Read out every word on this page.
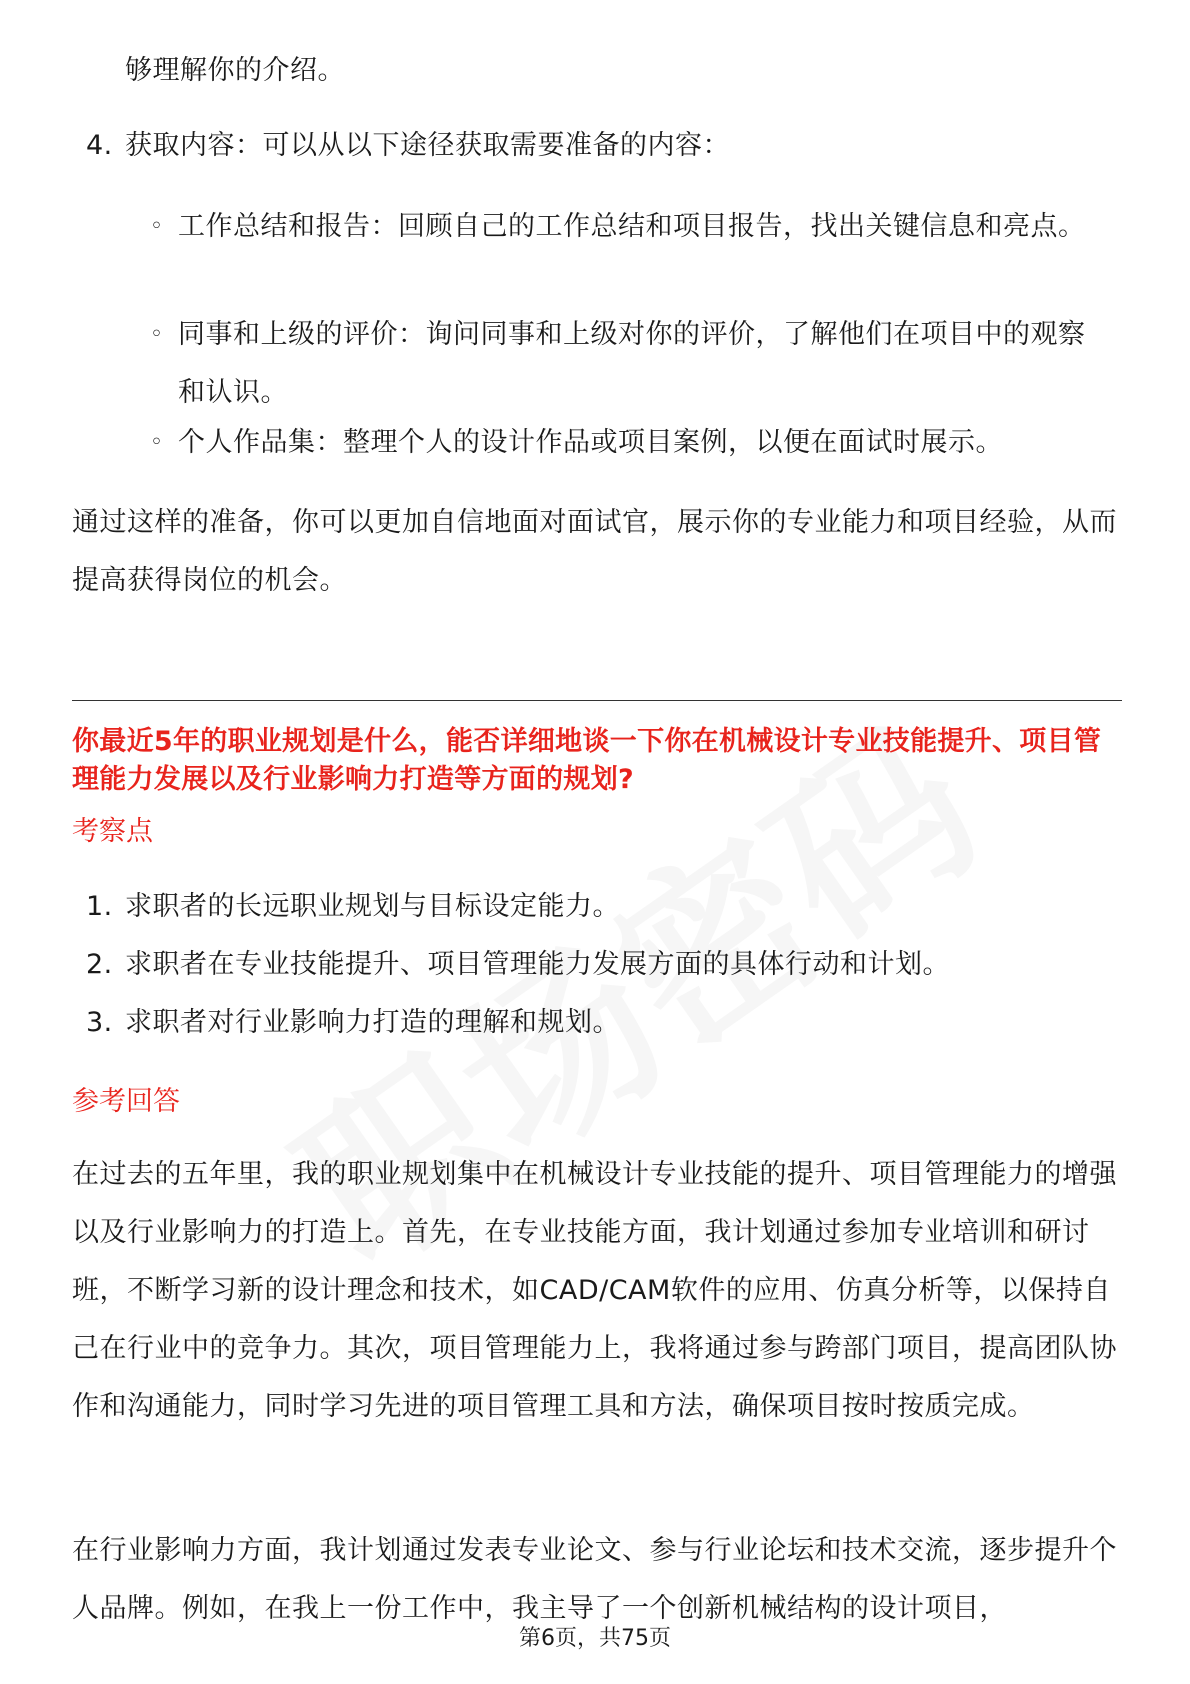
够理解你的介绍。
4. 获取内容：可以从以下途径获取需要准备的内容：
◦ 工作总结和报告：回顾自己的工作总结和项目报告，找出关键信息和亮点。
◦ 同事和上级的评价：询问同事和上级对你的评价，了解他们在项目中的观察和认识。
◦ 个人作品集：整理个人的设计作品或项目案例，以便在面试时展示。
通过这样的准备，你可以更加自信地面对面试官，展示你的专业能力和项目经验，从而提高获得岗位的机会。
你最近5年的职业规划是什么，能否详细地谈一下你在机械设计专业技能提升、项目管理能力发展以及行业影响力打造等方面的规划?
考察点
1. 求职者的长远职业规划与目标设定能力。
2. 求职者在专业技能提升、项目管理能力发展方面的具体行动和计划。
3. 求职者对行业影响力打造的理解和规划。
参考回答
在过去的五年里，我的职业规划集中在机械设计专业技能的提升、项目管理能力的增强以及行业影响力的打造上。首先，在专业技能方面，我计划通过参加专业培训和研讨班，不断学习新的设计理念和技术，如CAD/CAM软件的应用、仿真分析等，以保持自己在行业中的竞争力。其次，项目管理能力上，我将通过参与跨部门项目，提高团队协作和沟通能力，同时学习先进的项目管理工具和方法，确保项目按时按质完成。
在行业影响力方面，我计划通过发表专业论文、参与行业论坛和技术交流，逐步提升个人品牌。例如，在我上一份工作中，我主导了一个创新机械结构的设计项目，
第6页，共75页
